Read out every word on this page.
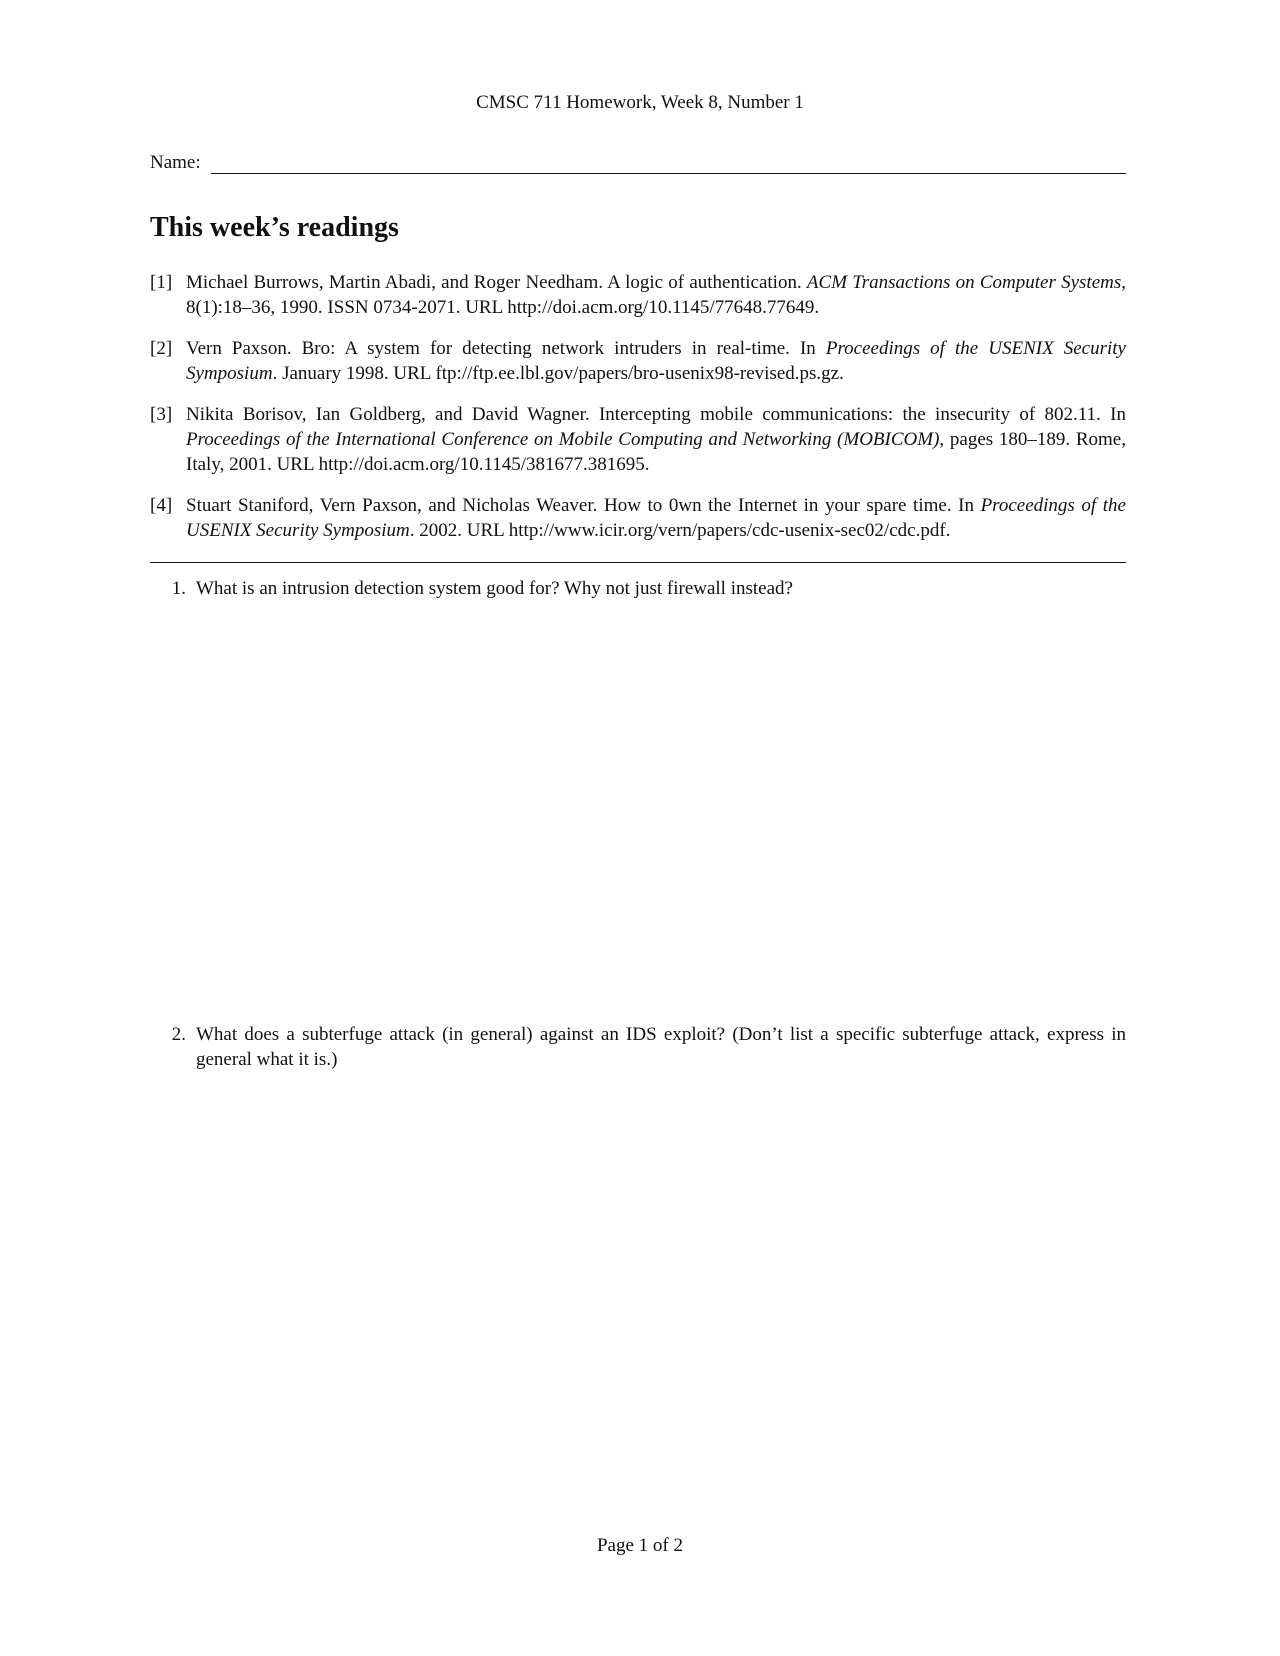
CMSC 711 Homework, Week 8, Number 1
Name:
This week’s readings
[1] Michael Burrows, Martin Abadi, and Roger Needham. A logic of authentication. ACM Transactions on Computer Systems, 8(1):18–36, 1990. ISSN 0734-2071. URL http://doi.acm.org/10.1145/77648.77649.
[2] Vern Paxson. Bro: A system for detecting network intruders in real-time. In Proceedings of the USENIX Security Symposium. January 1998. URL ftp://ftp.ee.lbl.gov/papers/bro-usenix98-revised.ps.gz.
[3] Nikita Borisov, Ian Goldberg, and David Wagner. Intercepting mobile communications: the insecurity of 802.11. In Proceedings of the International Conference on Mobile Computing and Networking (MOBICOM), pages 180–189. Rome, Italy, 2001. URL http://doi.acm.org/10.1145/381677.381695.
[4] Stuart Staniford, Vern Paxson, and Nicholas Weaver. How to 0wn the Internet in your spare time. In Proceedings of the USENIX Security Symposium. 2002. URL http://www.icir.org/vern/papers/cdc-usenix-sec02/cdc.pdf.
1. What is an intrusion detection system good for? Why not just firewall instead?
2. What does a subterfuge attack (in general) against an IDS exploit? (Don’t list a specific subterfuge attack, express in general what it is.)
Page 1 of 2
